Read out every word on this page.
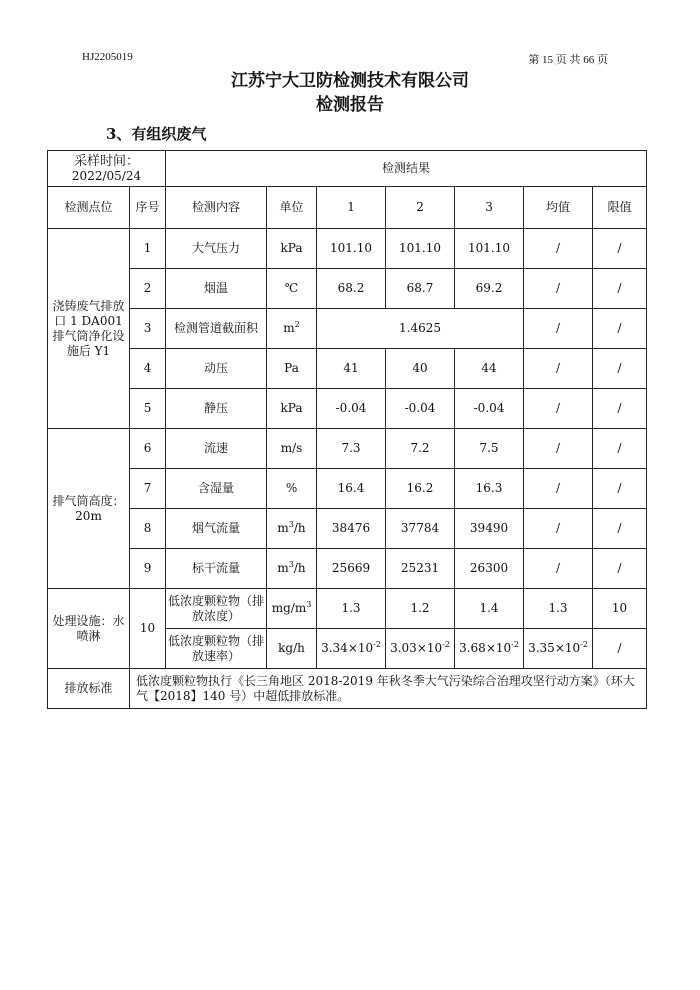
HJ2205019	第 15 页 共 66 页
江苏宁大卫防检测技术有限公司
检测报告
3、有组织废气
采样时间：
2022/05/24		检测结果						
检测点位	序号	检测内容	单位	1	2	3	均值	限值
浇铸废气排放口 1 DA001 排气筒净化设施后 Y1	1	大气压力	kPa	101.10	101.10	101.10	/	/
	2	烟温	℃	68.2	68.7	69.2	/	/
	3	检测管道截面积	$m^2$	1.4625			/	/
	4	动压	Pa	41	40	44	/	/
	5	静压	kPa	-0.04	-0.04	-0.04	/	/
排气筒高度：20m	6	流速	m/s	7.3	7.2	7.5	/	/
	7	含湿量	%	16.4	16.2	16.3	/	/
	8	烟气流量	$m^3/h$	38476	37784	39490	/	/
	9	标干流量	$m^3/h$	25669	25231	26300	/	/
处理设施：水喷淋	10	低浓度颗粒物（排放浓度）	$mg/m^3$	1.3	1.2	1.4	1.3	10
		低浓度颗粒物（排放速率）	kg/h	$3.34\times 10^{-2}$	$3.03\times 10^{-2}$	$3.68\times 10^{-2}$	$3.35\times 10^{-2}$	/
排放标准	低浓度颗粒物执行《长三角地区 2018-2019 年秋冬季大气污染综合治理攻坚行动方案》（环大气【2018】140 号）中超低排放标准。							
